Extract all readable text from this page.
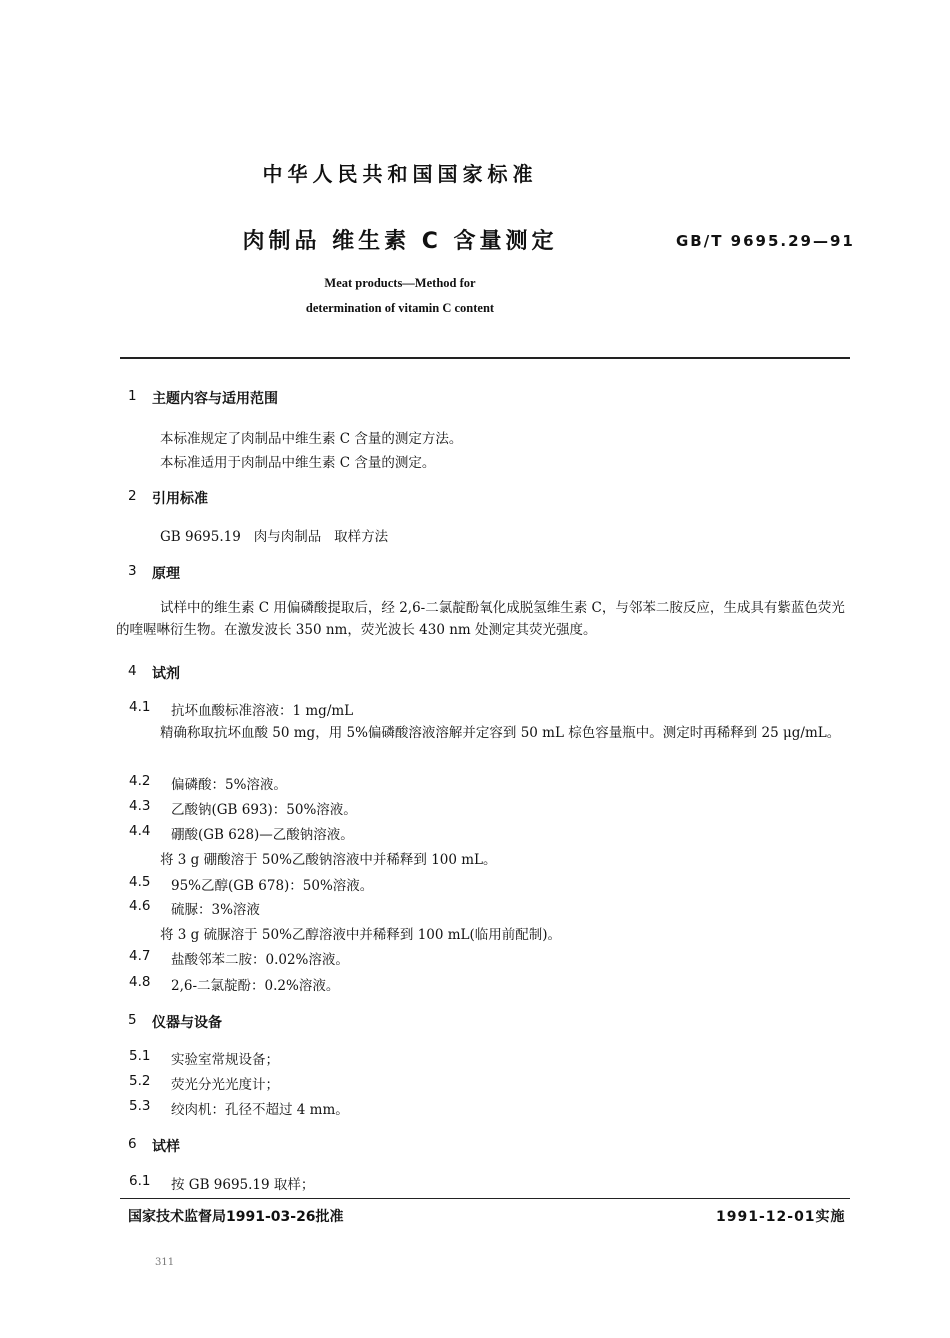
中华人民共和国国家标准
肉制品 维生素 C 含量测定	GB/T 9695.29—91
Meat products—Method for
determination of vitamin C content
1 主题内容与适用范围
本标准规定了肉制品中维生素 C 含量的测定方法。
本标准适用于肉制品中维生素 C 含量的测定。
2 引用标准
GB 9695.19   肉与肉制品   取样方法
3 原理
试样中的维生素 C 用偏磷酸提取后，经 2,6-二氯靛酚氧化成脱氢维生素 C，与邻苯二胺反应，生成具有紫蓝色荧光的喹喔啉衍生物。在激发波长 350 nm，荧光波长 430 nm 处测定其荧光强度。
4 试剂
4.1 抗坏血酸标准溶液：1 mg/mL
精确称取抗坏血酸 50 mg，用 5%偏磷酸溶液溶解并定容到 50 mL 棕色容量瓶中。测定时再稀释到 25 μg/mL。
4.2 偏磷酸：5%溶液。
4.3 乙酸钠(GB 693)：50%溶液。
4.4 硼酸(GB 628)—乙酸钠溶液。
将 3 g 硼酸溶于 50%乙酸钠溶液中并稀释到 100 mL。
4.5 95%乙醇(GB 678)：50%溶液。
4.6 硫脲：3%溶液
将 3 g 硫脲溶于 50%乙醇溶液中并稀释到 100 mL(临用前配制)。
4.7 盐酸邻苯二胺：0.02%溶液。
4.8 2,6-二氯靛酚：0.2%溶液。
5 仪器与设备
5.1 实验室常规设备；
5.2 荧光分光光度计；
5.3 绞肉机：孔径不超过 4 mm。
6 试样
6.1 按 GB 9695.19 取样；
国家技术监督局1991-03-26批准	1991-12-01实施
311
